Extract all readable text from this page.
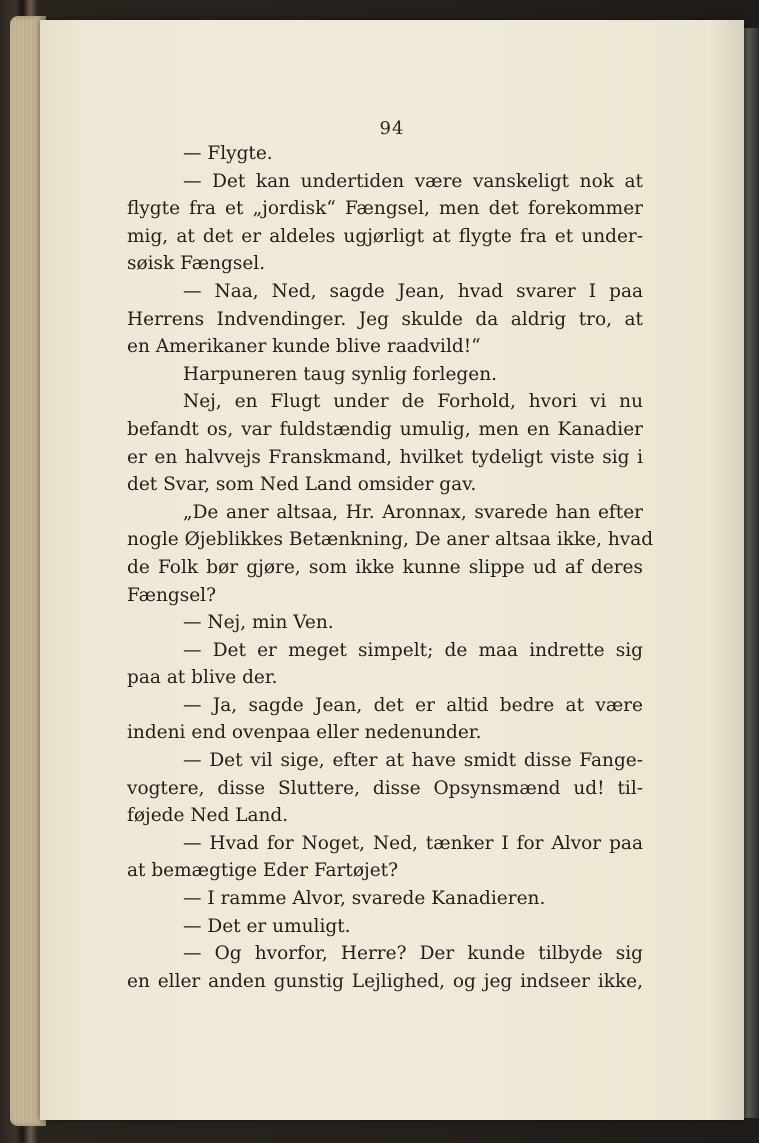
94
— Flygte.
— Det kan undertiden være vanskeligt nok at
flygte fra et „jordisk“ Fængsel, men det forekommer
mig, at det er aldeles ugjørligt at flygte fra et under-
søisk Fængsel.
— Naa, Ned, sagde Jean, hvad svarer I paa
Herrens Indvendinger. Jeg skulde da aldrig tro, at
en Amerikaner kunde blive raadvild!“
Harpuneren taug synlig forlegen.
Nej, en Flugt under de Forhold, hvori vi nu
befandt os, var fuldstændig umulig, men en Kanadier
er en halvvejs Franskmand, hvilket tydeligt viste sig i
det Svar, som Ned Land omsider gav.
„De aner altsaa, Hr. Aronnax, svarede han efter
nogle Øjeblikkes Betænkning, De aner altsaa ikke, hvad
de Folk bør gjøre, som ikke kunne slippe ud af deres
Fængsel?
— Nej, min Ven.
— Det er meget simpelt; de maa indrette sig
paa at blive der.
— Ja, sagde Jean, det er altid bedre at være
indeni end ovenpaa eller nedenunder.
— Det vil sige, efter at have smidt disse Fange-
vogtere, disse Sluttere, disse Opsynsmænd ud! til-
føjede Ned Land.
— Hvad for Noget, Ned, tænker I for Alvor paa
at bemægtige Eder Fartøjet?
— I ramme Alvor, svarede Kanadieren.
— Det er umuligt.
— Og hvorfor, Herre? Der kunde tilbyde sig
en eller anden gunstig Lejlighed, og jeg indseer ikke,
